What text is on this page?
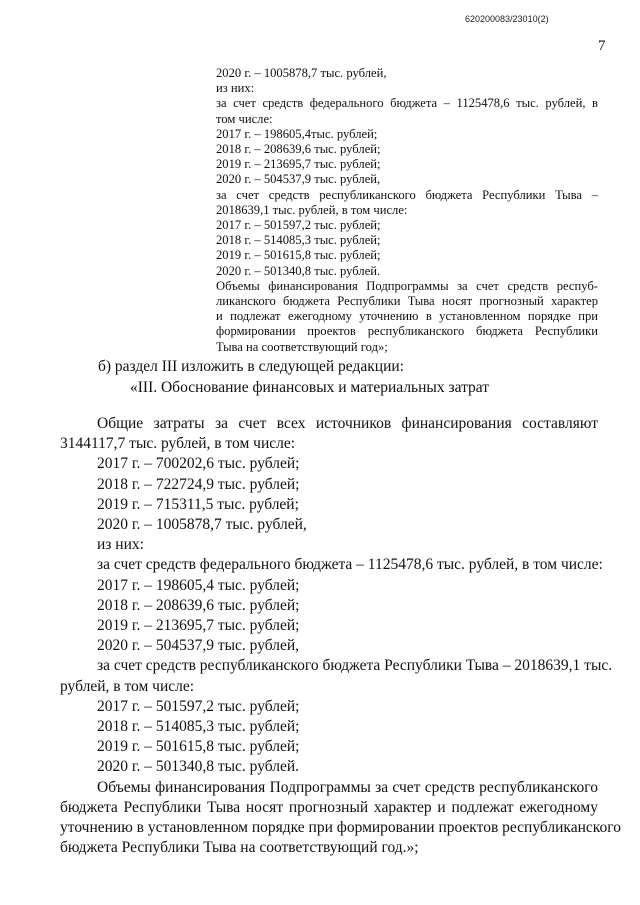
620200083/23010(2)
7
2020 г. – 1005878,7 тыс. рублей,
из них:
за счет средств федерального бюджета – 1125478,6 тыс. рублей, в
том числе:
2017 г. – 198605,4тыс. рублей;
2018 г. – 208639,6 тыс. рублей;
2019 г. – 213695,7 тыс. рублей;
2020 г. – 504537,9 тыс. рублей,
за счет средств республиканского бюджета Республики Тыва –
2018639,1 тыс. рублей, в том числе:
2017 г. – 501597,2 тыс. рублей;
2018 г. – 514085,3 тыс. рублей;
2019 г. – 501615,8 тыс. рублей;
2020 г. – 501340,8 тыс. рублей.
Объемы финансирования Подпрограммы за счет средств респуб-
ликанского бюджета Республики Тыва носят прогнозный характер
и подлежат ежегодному уточнению в установленном порядке при
формировании проектов республиканского бюджета Республики
Тыва на соответствующий год»;
б) раздел III изложить в следующей редакции:
«III. Обоснование финансовых и материальных затрат
Общие затраты за счет всех источников финансирования составляют
3144117,7 тыс. рублей, в том числе:
2017 г. – 700202,6 тыс. рублей;
2018 г. – 722724,9 тыс. рублей;
2019 г. – 715311,5 тыс. рублей;
2020 г. – 1005878,7 тыс. рублей,
из них:
за счет средств федерального бюджета – 1125478,6 тыс. рублей, в том числе:
2017 г. – 198605,4 тыс. рублей;
2018 г. – 208639,6 тыс. рублей;
2019 г. – 213695,7 тыс. рублей;
2020 г. – 504537,9 тыс. рублей,
за счет средств республиканского бюджета Республики Тыва – 2018639,1 тыс.
рублей, в том числе:
2017 г. – 501597,2 тыс. рублей;
2018 г. – 514085,3 тыс. рублей;
2019 г. – 501615,8 тыс. рублей;
2020 г. – 501340,8 тыс. рублей.
Объемы финансирования Подпрограммы за счет средств республиканского
бюджета Республики Тыва носят прогнозный характер и подлежат ежегодному
уточнению в установленном порядке при формировании проектов республиканского
бюджета Республики Тыва на соответствующий год.»;
